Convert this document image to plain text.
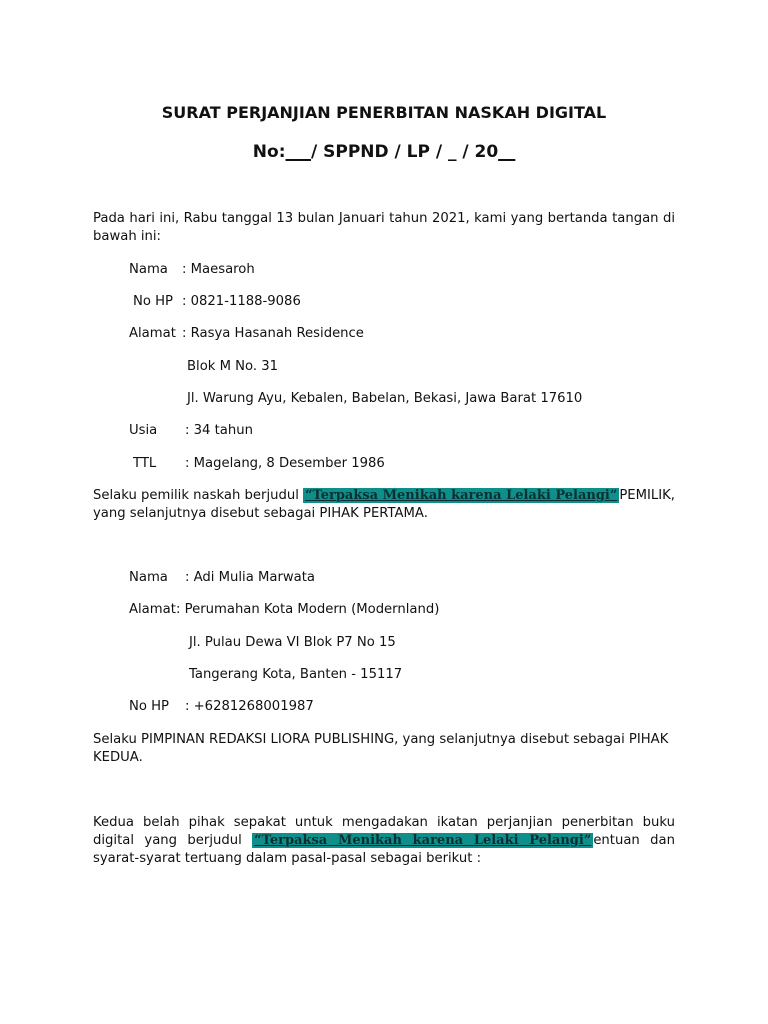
SURAT PERJANJIAN PENERBITAN NASKAH DIGITAL
No:___/ SPPND / LP / _ / 20__
Pada hari ini, Rabu tanggal 13 bulan Januari tahun 2021, kami yang bertanda tangan di bawah ini:
Nama : Maesaroh
No HP : 0821-1188-9086
Alamat : Rasya Hasanah Residence
Blok M No. 31
Jl. Warung Ayu, Kebalen, Babelan, Bekasi, Jawa Barat 17610
Usia : 34 tahun
TTL : Magelang, 8 Desember 1986
Selaku pemilik naskah berjudul “Terpaksa Menikah karena Lelaki Pelangi” PEMILIK, yang selanjutnya disebut sebagai PIHAK PERTAMA.
Nama : Adi Mulia Marwata
Alamat: Perumahan Kota Modern (Modernland)
Jl. Pulau Dewa VI Blok P7 No 15
Tangerang Kota, Banten - 15117
No HP : +6281268001987
Selaku PIMPINAN REDAKSI LIORA PUBLISHING, yang selanjutnya disebut sebagai PIHAK KEDUA.
Kedua belah pihak sepakat untuk mengadakan ikatan perjanjian penerbitan buku digital yang berjudul “Terpaksa Menikah karena Lelaki Pelangi” entuan dan syarat-syarat tertuang dalam pasal-pasal sebagai berikut :
